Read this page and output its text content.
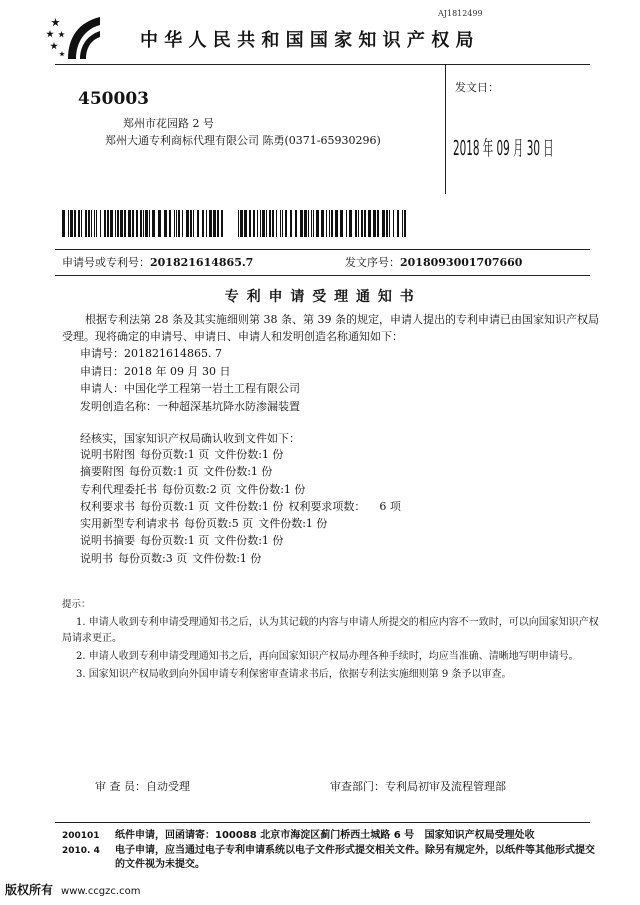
AJ1812499
中 华 人 民 共 和 国 国 家 知 识 产 权 局
450003
郑州市花园路 2 号
郑州大通专利商标代理有限公司 陈勇(0371-65930296)
发文日：
2018 年 09 月 30 日
申请号或专利号：201821614865.7	发文序号：2018093001707660
专 利 申 请 受 理 通 知 书
根据专利法第 28 条及其实施细则第 38 条、第 39 条的规定，申请人提出的专利申请已由国家知识产权局受理。现将确定的申请号、申请日、申请人和发明创造名称通知如下：
申请号：201821614865. 7
申请日：2018 年 09 月 30 日
申请人：中国化学工程第一岩土工程有限公司
发明创造名称：一种超深基坑降水防渗漏装置
经核实，国家知识产权局确认收到文件如下：
说明书附图 每份页数:1 页 文件份数:1 份
摘要附图 每份页数:1 页 文件份数:1 份
专利代理委托书 每份页数:2 页 文件份数:1 份
权利要求书 每份页数:1 页 文件份数:1 份 权利要求项数： 6 项
实用新型专利请求书 每份页数:5 页 文件份数:1 份
说明书摘要 每份页数:1 页 文件份数:1 份
说明书 每份页数:3 页 文件份数:1 份
提示：
1. 申请人收到专利申请受理通知书之后，认为其记载的内容与申请人所提交的相应内容不一致时，可以向国家知识产权局请求更正。
2. 申请人收到专利申请受理通知书之后，再向国家知识产权局办理各种手续时，均应当准确、清晰地写明申请号。
3. 国家知识产权局收到向外国申请专利保密审查请求书后，依据专利法实施细则第 9 条予以审查。
审 查 员：自动受理	审查部门：专利局初审及流程管理部
200101 纸件申请，回函请寄：100088 北京市海淀区蓟门桥西土城路 6 号   国家知识产权局受理处收
2010. 4 电子申请，应当通过电子专利申请系统以电子文件形式提交相关文件。除另有规定外，以纸件等其他形式提交的文件视为未提交。
版权所有 www.ccgzc.com
